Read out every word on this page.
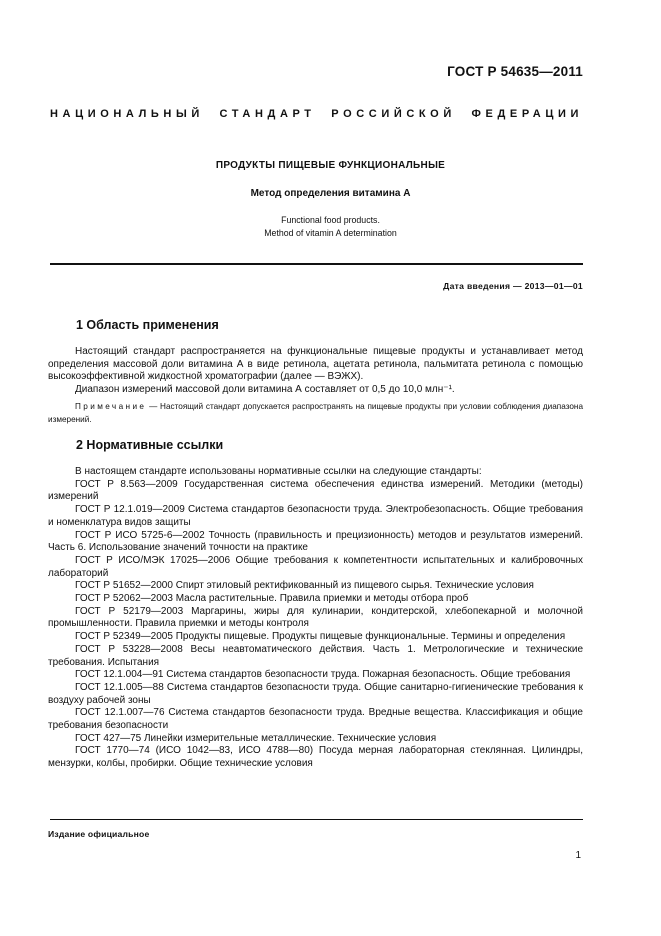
ГОСТ Р 54635—2011
НАЦИОНАЛЬНЫЙ СТАНДАРТ РОССИЙСКОЙ ФЕДЕРАЦИИ
ПРОДУКТЫ ПИЩЕВЫЕ ФУНКЦИОНАЛЬНЫЕ
Метод определения витамина А
Functional food products.
Method of vitamin A determination
Дата введения — 2013—01—01
1 Область применения

Настоящий стандарт распространяется на функциональные пищевые продукты и устанавливает метод определения массовой доли витамина А в виде ретинола, ацетата ретинола, пальмитата ретинола с помощью высокоэффективной жидкостной хроматографии (далее — ВЭЖХ).

Диапазон измерений массовой доли витамина А составляет от 0,5 до 10,0 млн⁻¹.

Примечание — Настоящий стандарт допускается распространять на пищевые продукты при условии соблюдения диапазона измерений.

2 Нормативные ссылки

В настоящем стандарте использованы нормативные ссылки на следующие стандарты:

ГОСТ Р 8.563—2009 Государственная система обеспечения единства измерений. Методики (методы) измерений

ГОСТ Р 12.1.019—2009 Система стандартов безопасности труда. Электробезопасность. Общие требования и номенклатура видов защиты

ГОСТ Р ИСО 5725-6—2002 Точность (правильность и прецизионность) методов и результатов измерений. Часть 6. Использование значений точности на практике

ГОСТ Р ИСО/МЭК 17025—2006 Общие требования к компетентности испытательных и калибровочных лабораторий

ГОСТ Р 51652—2000 Спирт этиловый ректификованный из пищевого сырья. Технические условия

ГОСТ Р 52062—2003 Масла растительные. Правила приемки и методы отбора проб

ГОСТ Р 52179—2003 Маргарины, жиры для кулинарии, кондитерской, хлебопекарной и молочной промышленности. Правила приемки и методы контроля

ГОСТ Р 52349—2005 Продукты пищевые. Продукты пищевые функциональные. Термины и определения

ГОСТ Р 53228—2008 Весы неавтоматического действия. Часть 1. Метрологические и технические требования. Испытания

ГОСТ 12.1.004—91 Система стандартов безопасности труда. Пожарная безопасность. Общие требования

ГОСТ 12.1.005—88 Система стандартов безопасности труда. Общие санитарно-гигиенические требования к воздуху рабочей зоны

ГОСТ 12.1.007—76 Система стандартов безопасности труда. Вредные вещества. Классификация и общие требования безопасности

ГОСТ 427—75 Линейки измерительные металлические. Технические условия

ГОСТ 1770—74 (ИСО 1042—83, ИСО 4788—80) Посуда мерная лабораторная стеклянная. Цилиндры, мензурки, колбы, пробирки. Общие технические условия

Издание официальное
1
